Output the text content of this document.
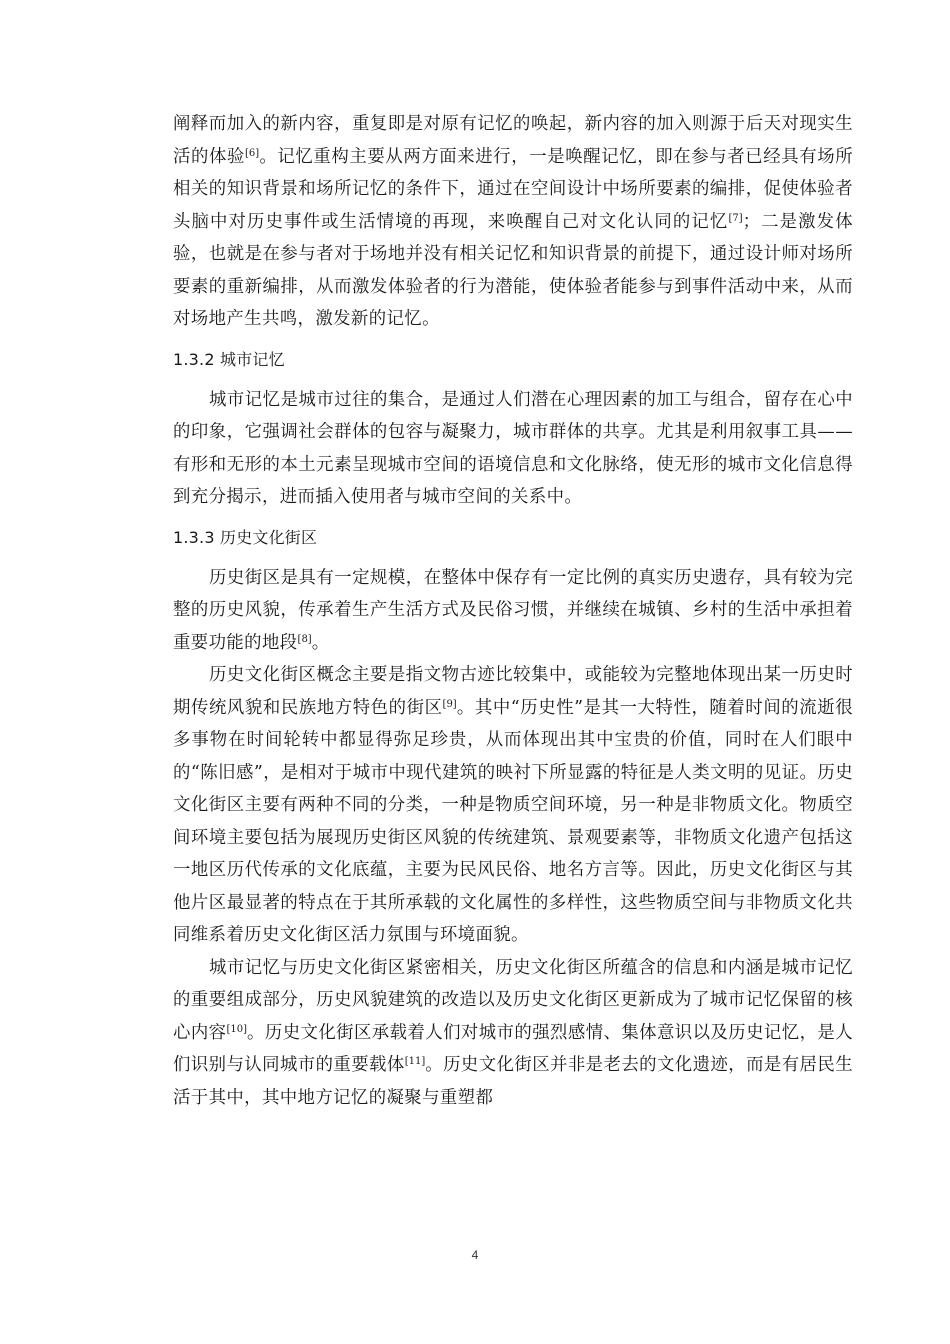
阐释而加入的新内容，重复即是对原有记忆的唤起，新内容的加入则源于后天对现实生活的体验[6]。记忆重构主要从两方面来进行，一是唤醒记忆，即在参与者已经具有场所相关的知识背景和场所记忆的条件下，通过在空间设计中场所要素的编排，促使体验者头脑中对历史事件或生活情境的再现，来唤醒自己对文化认同的记忆[7]；二是激发体验，也就是在参与者对于场地并没有相关记忆和知识背景的前提下，通过设计师对场所要素的重新编排，从而激发体验者的行为潜能，使体验者能参与到事件活动中来，从而对场地产生共鸣，激发新的记忆。

1.3.2 城市记忆

城市记忆是城市过往的集合，是通过人们潜在心理因素的加工与组合，留存在心中的印象，它强调社会群体的包容与凝聚力，城市群体的共享。尤其是利用叙事工具——有形和无形的本土元素呈现城市空间的语境信息和文化脉络，使无形的城市文化信息得到充分揭示，进而插入使用者与城市空间的关系中。

1.3.3 历史文化街区

历史街区是具有一定规模，在整体中保存有一定比例的真实历史遗存，具有较为完整的历史风貌，传承着生产生活方式及民俗习惯，并继续在城镇、乡村的生活中承担着重要功能的地段[8]。

历史文化街区概念主要是指文物古迹比较集中，或能较为完整地体现出某一历史时期传统风貌和民族地方特色的街区[9]。其中“历史性”是其一大特性，随着时间的流逝很多事物在时间轮转中都显得弥足珍贵，从而体现出其中宝贵的价值，同时在人们眼中的“陈旧感”，是相对于城市中现代建筑的映衬下所显露的特征是人类文明的见证。历史文化街区主要有两种不同的分类，一种是物质空间环境，另一种是非物质文化。物质空间环境主要包括为展现历史街区风貌的传统建筑、景观要素等，非物质文化遗产包括这一地区历代传承的文化底蕴，主要为民风民俗、地名方言等。因此，历史文化街区与其他片区最显著的特点在于其所承载的文化属性的多样性，这些物质空间与非物质文化共同维系着历史文化街区活力氛围与环境面貌。

城市记忆与历史文化街区紧密相关，历史文化街区所蕴含的信息和内涵是城市记忆的重要组成部分，历史风貌建筑的改造以及历史文化街区更新成为了城市记忆保留的核心内容[10]。历史文化街区承载着人们对城市的强烈感情、集体意识以及历史记忆，是人们识别与认同城市的重要载体[11]。历史文化街区并非是老去的文化遗迹，而是有居民生活于其中，其中地方记忆的凝聚与重塑都

4
